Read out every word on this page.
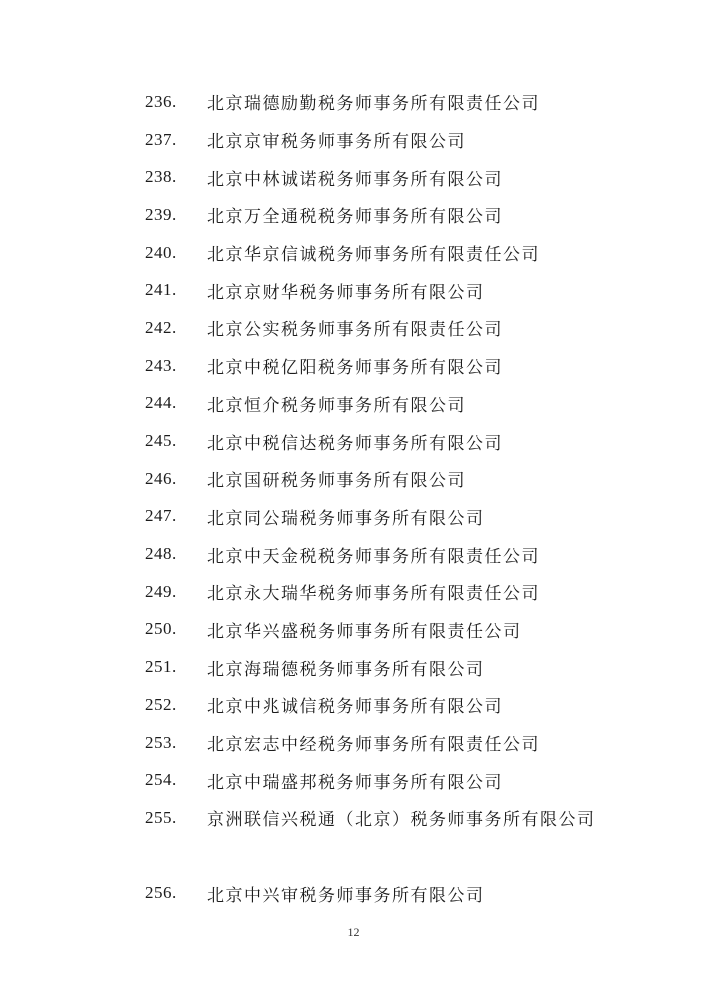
236.	北京瑞德励勤税务师事务所有限责任公司
237.	北京京审税务师事务所有限公司
238.	北京中林诚诺税务师事务所有限公司
239.	北京万全通税税务师事务所有限公司
240.	北京华京信诚税务师事务所有限责任公司
241.	北京京财华税务师事务所有限公司
242.	北京公实税务师事务所有限责任公司
243.	北京中税亿阳税务师事务所有限公司
244.	北京恒介税务师事务所有限公司
245.	北京中税信达税务师事务所有限公司
246.	北京国研税务师事务所有限公司
247.	北京同公瑞税务师事务所有限公司
248.	北京中天金税税务师事务所有限责任公司
249.	北京永大瑞华税务师事务所有限责任公司
250.	北京华兴盛税务师事务所有限责任公司
251.	北京海瑞德税务师事务所有限公司
252.	北京中兆诚信税务师事务所有限公司
253.	北京宏志中经税务师事务所有限责任公司
254.	北京中瑞盛邦税务师事务所有限公司
255.	京洲联信兴税通（北京）税务师事务所有限公司
256.	北京中兴审税务师事务所有限公司
12
